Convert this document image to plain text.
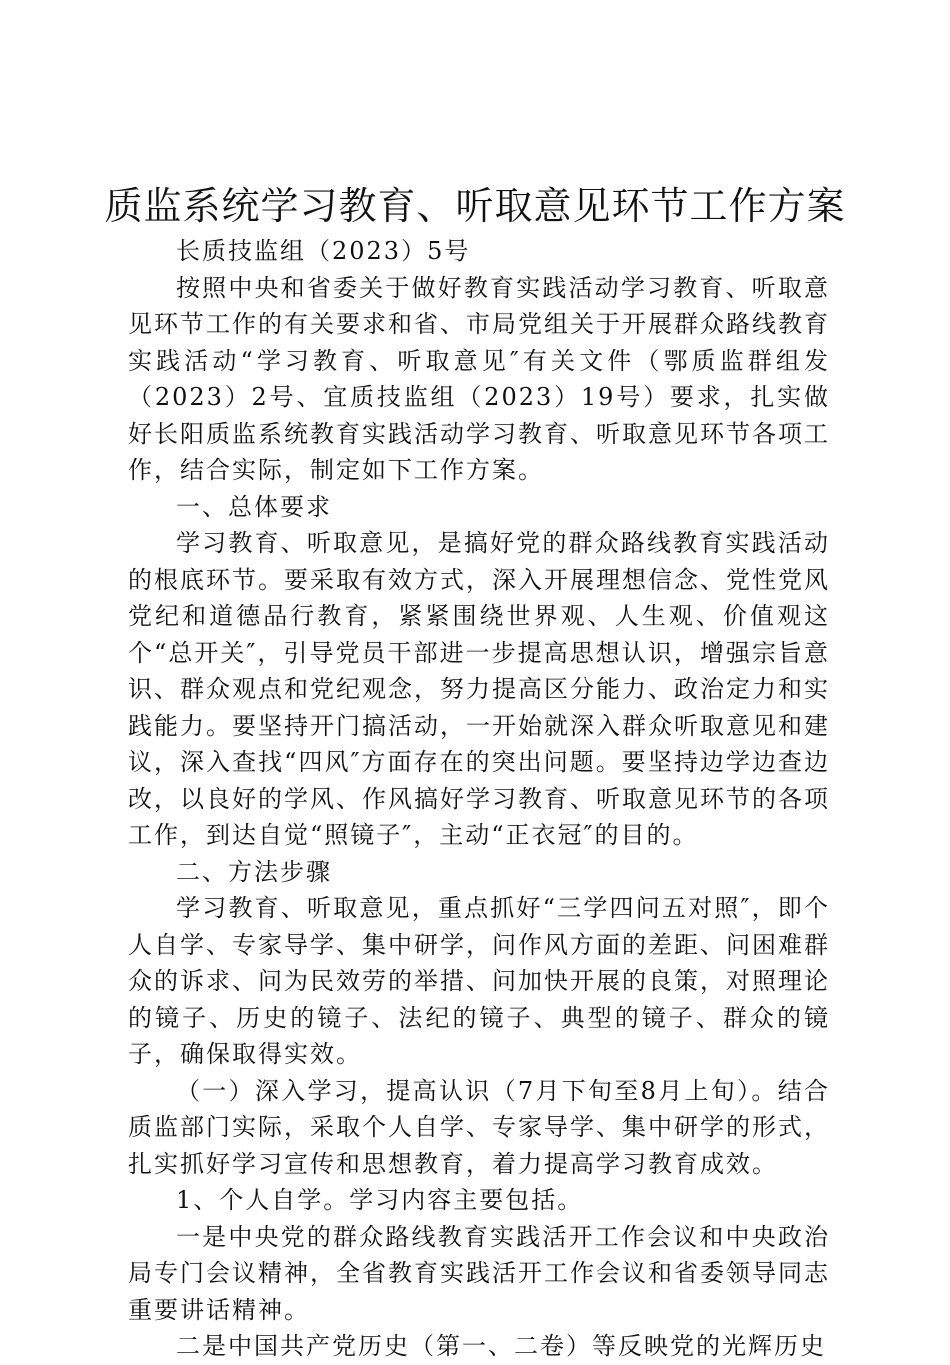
质监系统学习教育、听取意见环节工作方案

长质技监组（2023）5号

按照中央和省委关于做好教育实践活动学习教育、听取意见环节工作的有关要求和省、市局党组关于开展群众路线教育实践活动“学习教育、听取意见″有关文件（鄂质监群组发（2023）2号、宜质技监组（2023）19号）要求，扎实做好长阳质监系统教育实践活动学习教育、听取意见环节各项工作，结合实际，制定如下工作方案。

一、总体要求

学习教育、听取意见，是搞好党的群众路线教育实践活动的根底环节。要采取有效方式，深入开展理想信念、党性党风党纪和道德品行教育，紧紧围绕世界观、人生观、价值观这个“总开关″，引导党员干部进一步提高思想认识，增强宗旨意识、群众观点和党纪观念，努力提高区分能力、政治定力和实践能力。要坚持开门搞活动，一开始就深入群众听取意见和建议，深入查找“四风″方面存在的突出问题。要坚持边学边查边改，以良好的学风、作风搞好学习教育、听取意见环节的各项工作，到达自觉“照镜子″，主动“正衣冠″的目的。

二、方法步骤

学习教育、听取意见，重点抓好“三学四问五对照″，即个人自学、专家导学、集中研学，问作风方面的差距、问困难群众的诉求、问为民效劳的举措、问加快开展的良策，对照理论的镜子、历史的镜子、法纪的镜子、典型的镜子、群众的镜子，确保取得实效。

（一）深入学习，提高认识（7月下旬至8月上旬）。结合质监部门实际，采取个人自学、专家导学、集中研学的形式，扎实抓好学习宣传和思想教育，着力提高学习教育成效。

1、个人自学。学习内容主要包括。

一是中央党的群众路线教育实践活开工作会议和中央政治局专门会议精神，全省教育实践活开工作会议和省委领导同志重要讲话精神。

二是中国共产党历史（第一、二卷）等反映党的光辉历史
